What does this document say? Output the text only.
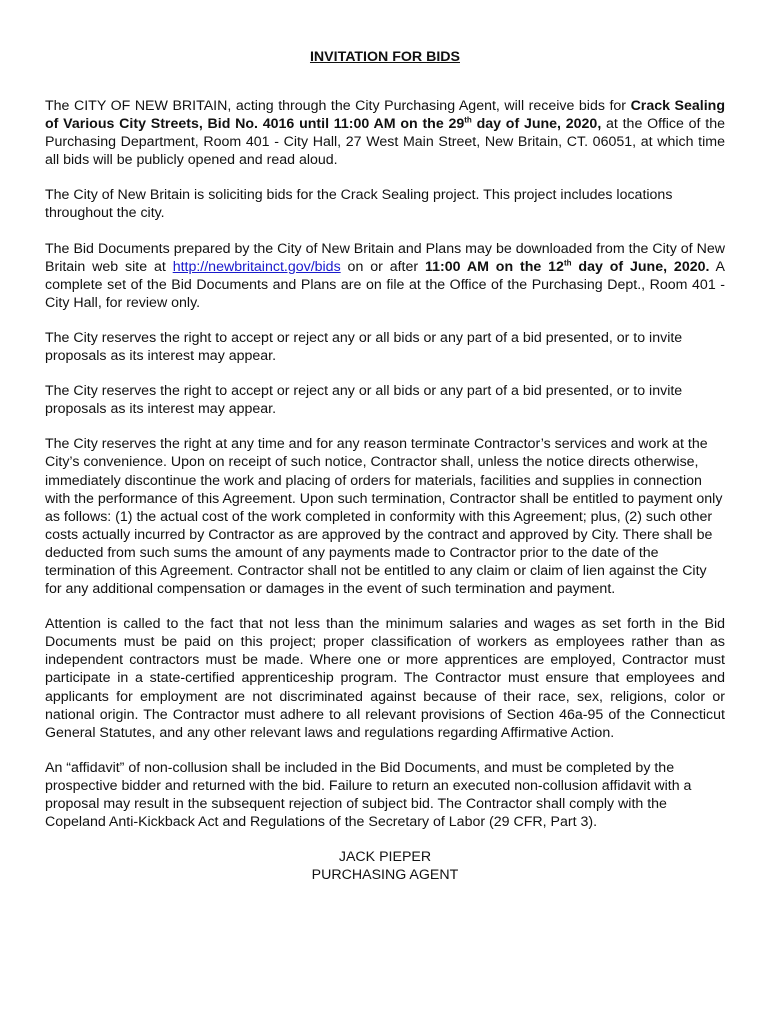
INVITATION FOR BIDS

The CITY OF NEW BRITAIN, acting through the City Purchasing Agent, will receive bids for Crack Sealing of Various City Streets, Bid No. 4016 until 11:00 AM on the 29th day of June, 2020, at the Office of the Purchasing Department, Room 401 - City Hall, 27 West Main Street, New Britain, CT. 06051, at which time all bids will be publicly opened and read aloud.

The City of New Britain is soliciting bids for the Crack Sealing project. This project includes locations throughout the city.

The Bid Documents prepared by the City of New Britain and Plans may be downloaded from the City of New Britain web site at http://newbritainct.gov/bids on or after 11:00 AM on the 12th day of June, 2020. A complete set of the Bid Documents and Plans are on file at the Office of the Purchasing Dept., Room 401 - City Hall, for review only.

The City reserves the right to accept or reject any or all bids or any part of a bid presented, or to invite proposals as its interest may appear.

The City reserves the right to accept or reject any or all bids or any part of a bid presented, or to invite proposals as its interest may appear.

The City reserves the right at any time and for any reason terminate Contractor’s services and work at the City’s convenience. Upon on receipt of such notice, Contractor shall, unless the notice directs otherwise, immediately discontinue the work and placing of orders for materials, facilities and supplies in connection with the performance of this Agreement. Upon such termination, Contractor shall be entitled to payment only as follows: (1) the actual cost of the work completed in conformity with this Agreement; plus, (2) such other costs actually incurred by Contractor as are approved by the contract and approved by City. There shall be deducted from such sums the amount of any payments made to Contractor prior to the date of the termination of this Agreement. Contractor shall not be entitled to any claim or claim of lien against the City for any additional compensation or damages in the event of such termination and payment.

Attention is called to the fact that not less than the minimum salaries and wages as set forth in the Bid Documents must be paid on this project; proper classification of workers as employees rather than as independent contractors must be made. Where one or more apprentices are employed, Contractor must participate in a state-certified apprenticeship program. The Contractor must ensure that employees and applicants for employment are not discriminated against because of their race, sex, religions, color or national origin. The Contractor must adhere to all relevant provisions of Section 46a-95 of the Connecticut General Statutes, and any other relevant laws and regulations regarding Affirmative Action.

An “affidavit” of non-collusion shall be included in the Bid Documents, and must be completed by the prospective bidder and returned with the bid. Failure to return an executed non-collusion affidavit with a proposal may result in the subsequent rejection of subject bid. The Contractor shall comply with the Copeland Anti-Kickback Act and Regulations of the Secretary of Labor (29 CFR, Part 3).

JACK PIEPER
PURCHASING AGENT
